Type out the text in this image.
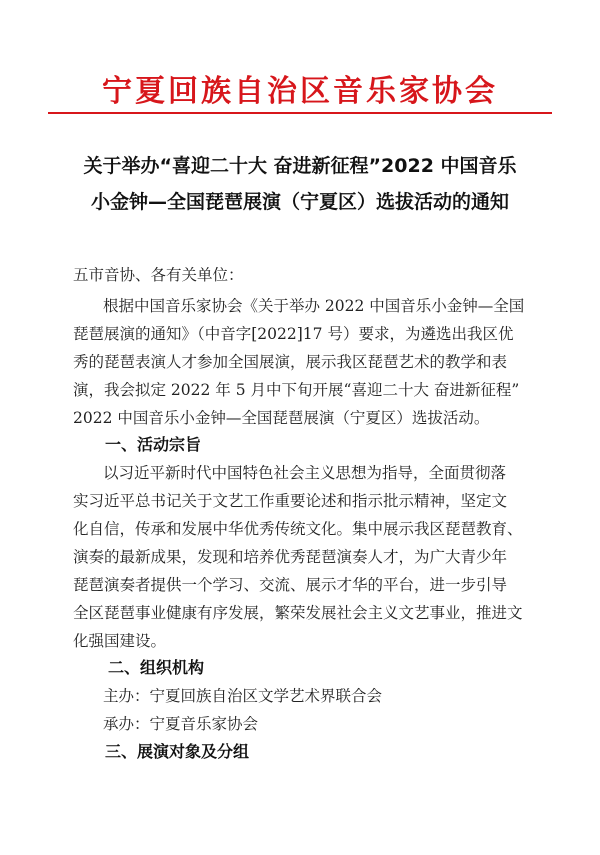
宁夏回族自治区音乐家协会
关于举办“喜迎二十大 奋进新征程”2022 中国音乐
小金钟—全国琵琶展演（宁夏区）选拔活动的通知
五市音协、各有关单位：
根据中国音乐家协会《关于举办 2022 中国音乐小金钟—全国
琵琶展演的通知》（中音字[2022]17 号）要求，为遴选出我区优
秀的琵琶表演人才参加全国展演，展示我区琵琶艺术的教学和表
演，我会拟定 2022 年 5 月中下旬开展“喜迎二十大 奋进新征程”
2022 中国音乐小金钟—全国琵琶展演（宁夏区）选拔活动。
一、活动宗旨
以习近平新时代中国特色社会主义思想为指导，全面贯彻落
实习近平总书记关于文艺工作重要论述和指示批示精神，坚定文
化自信，传承和发展中华优秀传统文化。集中展示我区琵琶教育、
演奏的最新成果，发现和培养优秀琵琶演奏人才，为广大青少年
琵琶演奏者提供一个学习、交流、展示才华的平台，进一步引导
全区琵琶事业健康有序发展，繁荣发展社会主义文艺事业，推进文
化强国建设。
二、组织机构
主办：宁夏回族自治区文学艺术界联合会
承办：宁夏音乐家协会
三、展演对象及分组
